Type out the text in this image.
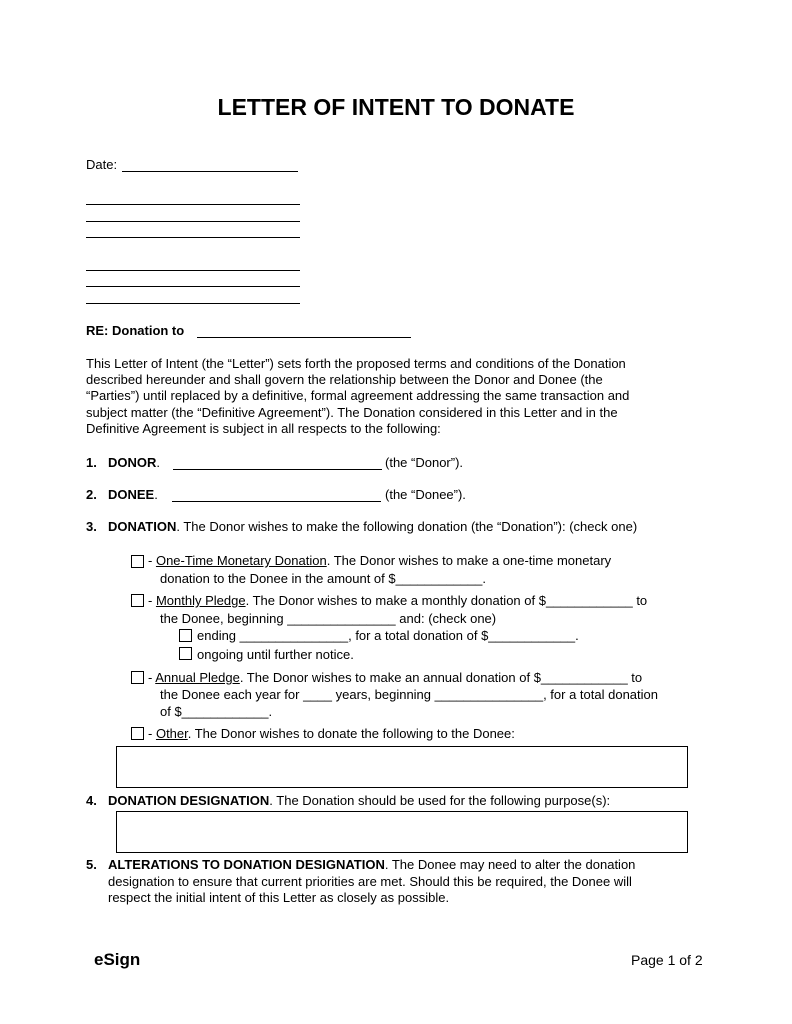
LETTER OF INTENT TO DONATE
Date:
RE: Donation to
This Letter of Intent (the “Letter”) sets forth the proposed terms and conditions of the Donation
described hereunder and shall govern the relationship between the Donor and Donee (the
“Parties”) until replaced by a definitive, formal agreement addressing the same transaction and
subject matter (the “Definitive Agreement”). The Donation considered in this Letter and in the
Definitive Agreement is subject in all respects to the following:
1. DONOR.	(the “Donor”).
2. DONEE.	(the “Donee”).
3. DONATION. The Donor wishes to make the following donation (the “Donation”): (check one)
- One-Time Monetary Donation. The Donor wishes to make a one-time monetary
donation to the Donee in the amount of $____________.
- Monthly Pledge. The Donor wishes to make a monthly donation of $____________ to
the Donee, beginning _______________ and: (check one)
ending _______________, for a total donation of $____________.
ongoing until further notice.
- Annual Pledge. The Donor wishes to make an annual donation of $____________ to
the Donee each year for ____ years, beginning _______________, for a total donation
of $____________.
- Other. The Donor wishes to donate the following to the Donee:
4. DONATION DESIGNATION. The Donation should be used for the following purpose(s):
5. ALTERATIONS TO DONATION DESIGNATION. The Donee may need to alter the donation
designation to ensure that current priorities are met. Should this be required, the Donee will
respect the initial intent of this Letter as closely as possible.
eSign	Page 1 of 2
